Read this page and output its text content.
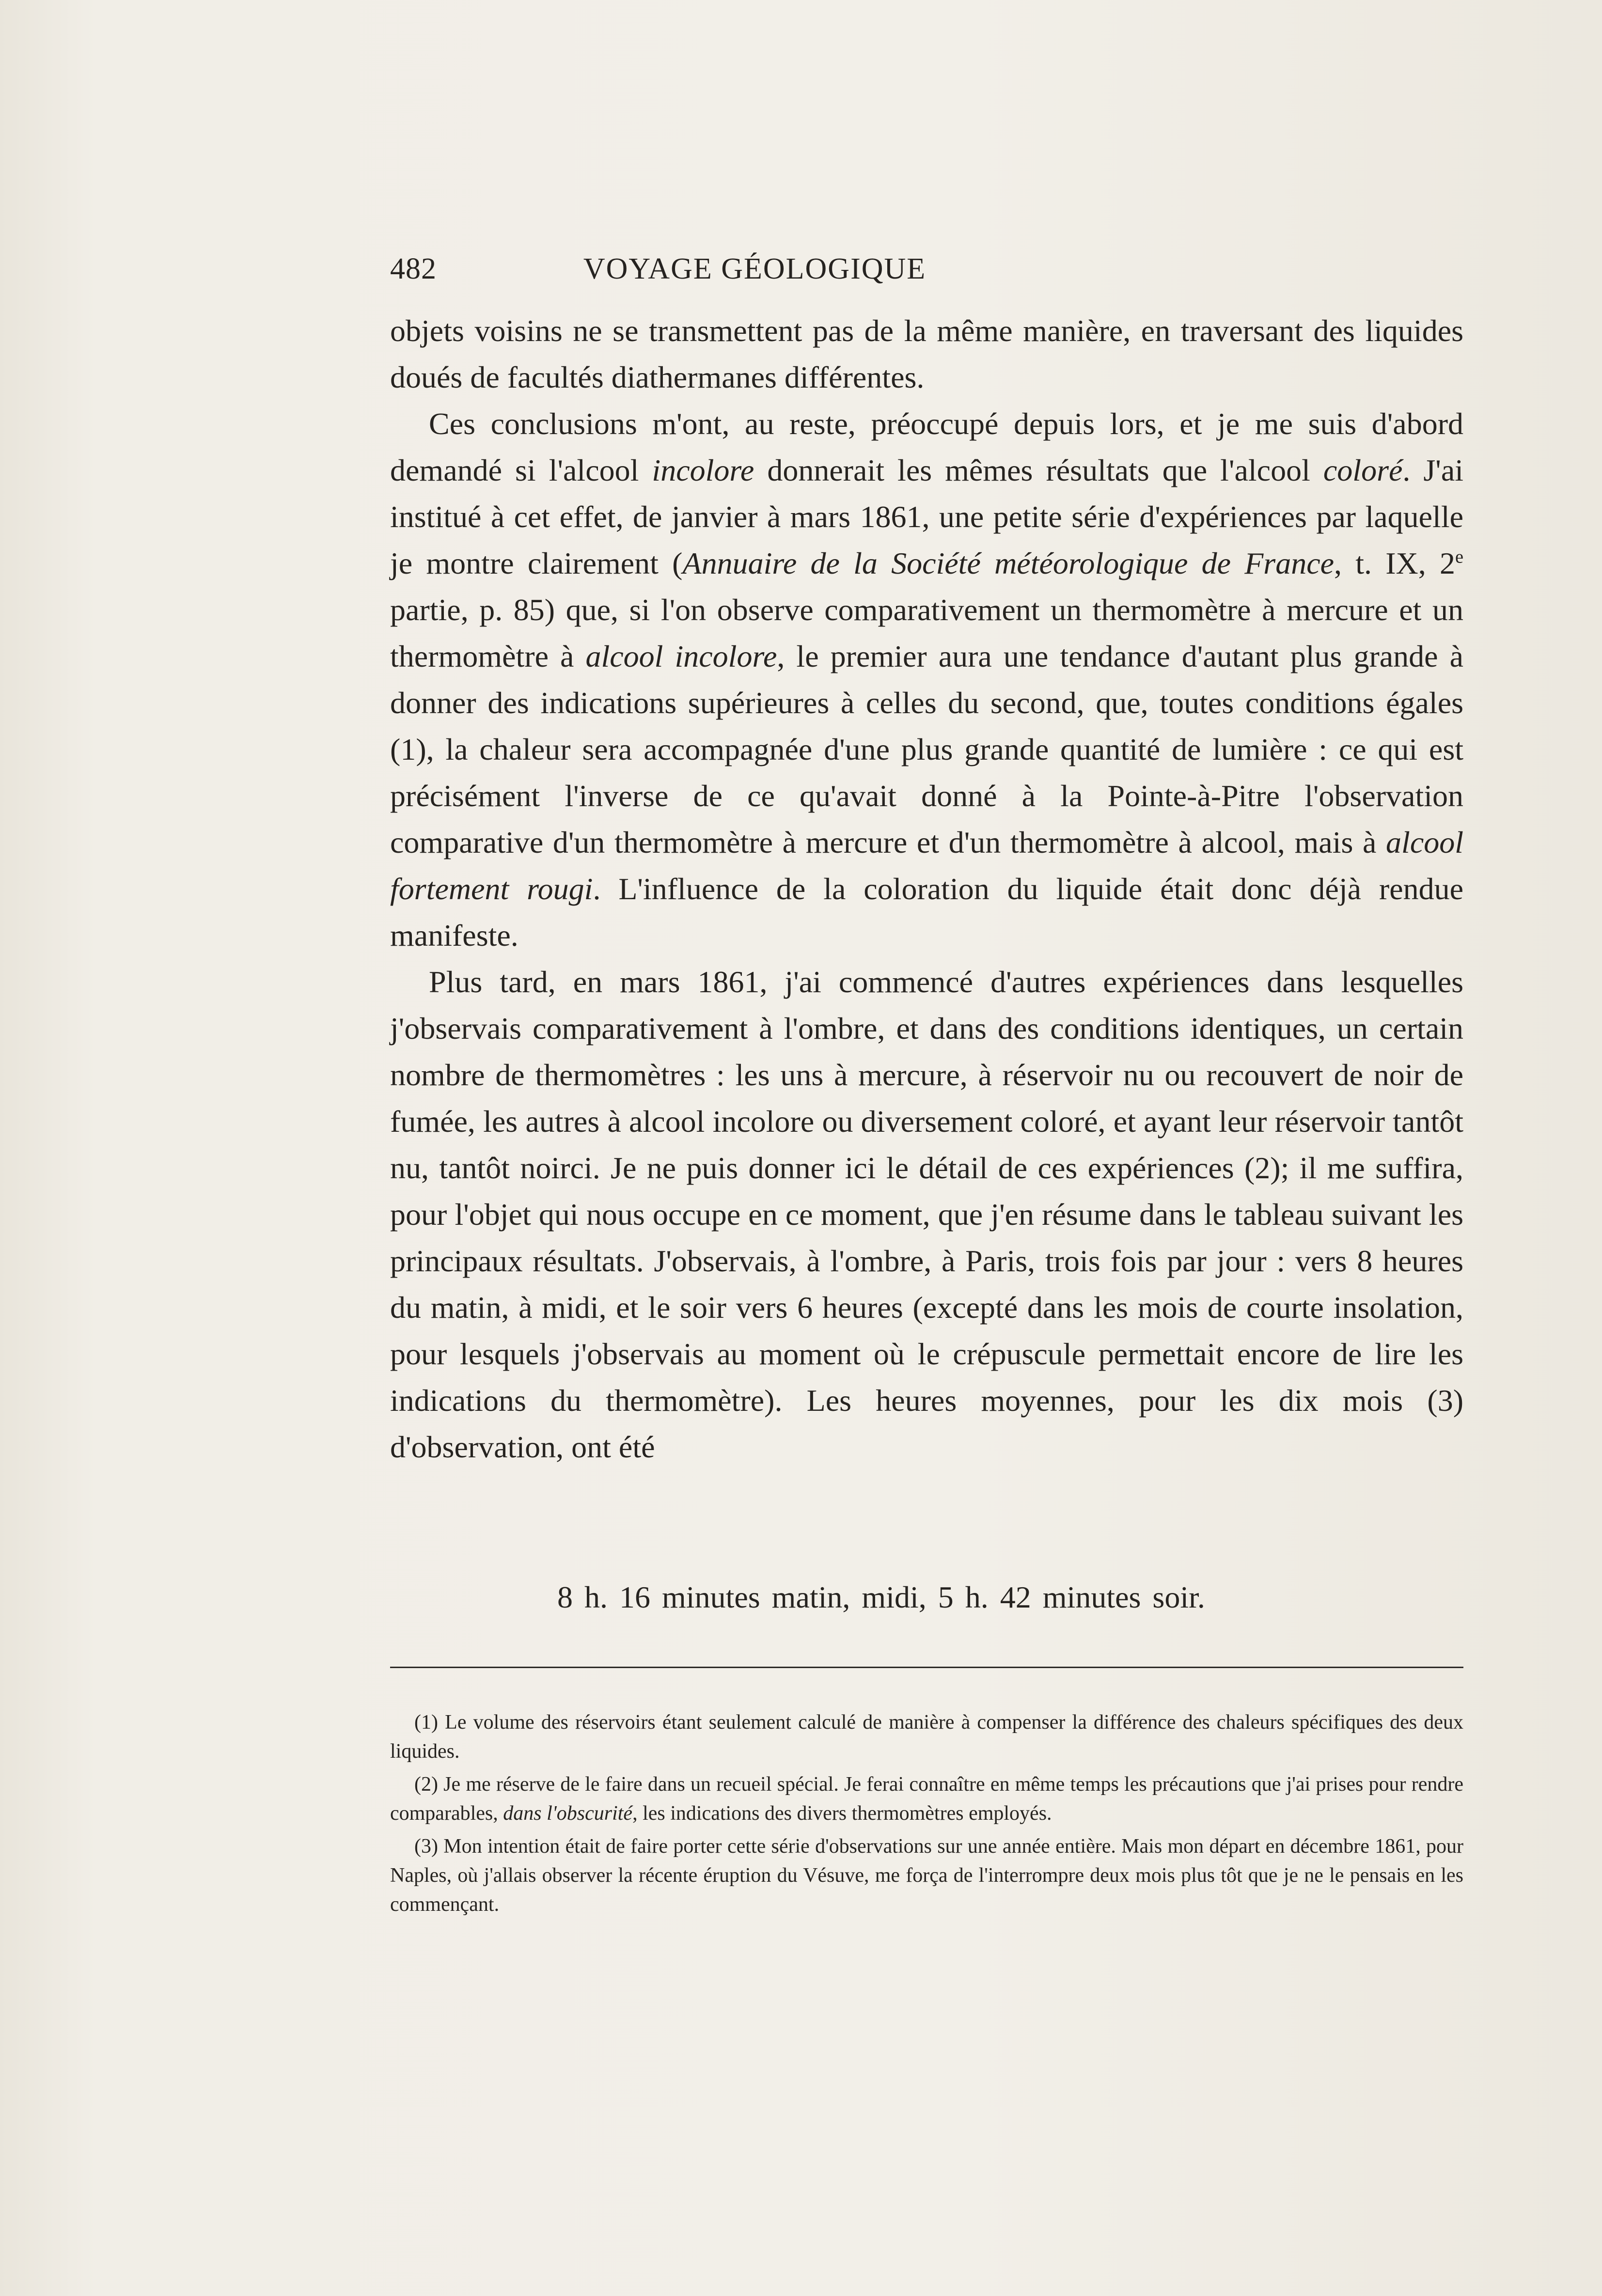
482	VOYAGE GÉOLOGIQUE

objets voisins ne se transmettent pas de la même manière, en traversant des liquides doués de facultés diathermanes différentes.

Ces conclusions m'ont, au reste, préoccupé depuis lors, et je me suis d'abord demandé si l'alcool incolore donnerait les mêmes résultats que l'alcool coloré. J'ai institué à cet effet, de janvier à mars 1861, une petite série d'expériences par laquelle je montre clairement (Annuaire de la Société météorologique de France, t. IX, 2e partie, p. 85) que, si l'on observe comparativement un thermomètre à mercure et un thermomètre à alcool incolore, le premier aura une tendance d'autant plus grande à donner des indications supérieures à celles du second, que, toutes conditions égales (1), la chaleur sera accompagnée d'une plus grande quantité de lumière : ce qui est précisément l'inverse de ce qu'avait donné à la Pointe-à-Pitre l'observation comparative d'un thermomètre à mercure et d'un thermomètre à alcool, mais à alcool fortement rougi. L'influence de la coloration du liquide était donc déjà rendue manifeste.

Plus tard, en mars 1861, j'ai commencé d'autres expériences dans lesquelles j'observais comparativement à l'ombre, et dans des conditions identiques, un certain nombre de thermomètres : les uns à mercure, à réservoir nu ou recouvert de noir de fumée, les autres à alcool incolore ou diversement coloré, et ayant leur réservoir tantôt nu, tantôt noirci. Je ne puis donner ici le détail de ces expériences (2); il me suffira, pour l'objet qui nous occupe en ce moment, que j'en résume dans le tableau suivant les principaux résultats. J'observais, à l'ombre, à Paris, trois fois par jour : vers 8 heures du matin, à midi, et le soir vers 6 heures (excepté dans les mois de courte insolation, pour lesquels j'observais au moment où le crépuscule permettait encore de lire les indications du thermomètre). Les heures moyennes, pour les dix mois (3) d'observation, ont été

8 h. 16 minutes matin, midi, 5 h. 42 minutes soir.

(1) Le volume des réservoirs étant seulement calculé de manière à compenser la différence des chaleurs spécifiques des deux liquides.

(2) Je me réserve de le faire dans un recueil spécial. Je ferai connaître en même temps les précautions que j'ai prises pour rendre comparables, dans l'obscurité, les indications des divers thermomètres employés.

(3) Mon intention était de faire porter cette série d'observations sur une année entière. Mais mon départ en décembre 1861, pour Naples, où j'allais observer la récente éruption du Vésuve, me força de l'interrompre deux mois plus tôt que je ne le pensais en les commençant.
